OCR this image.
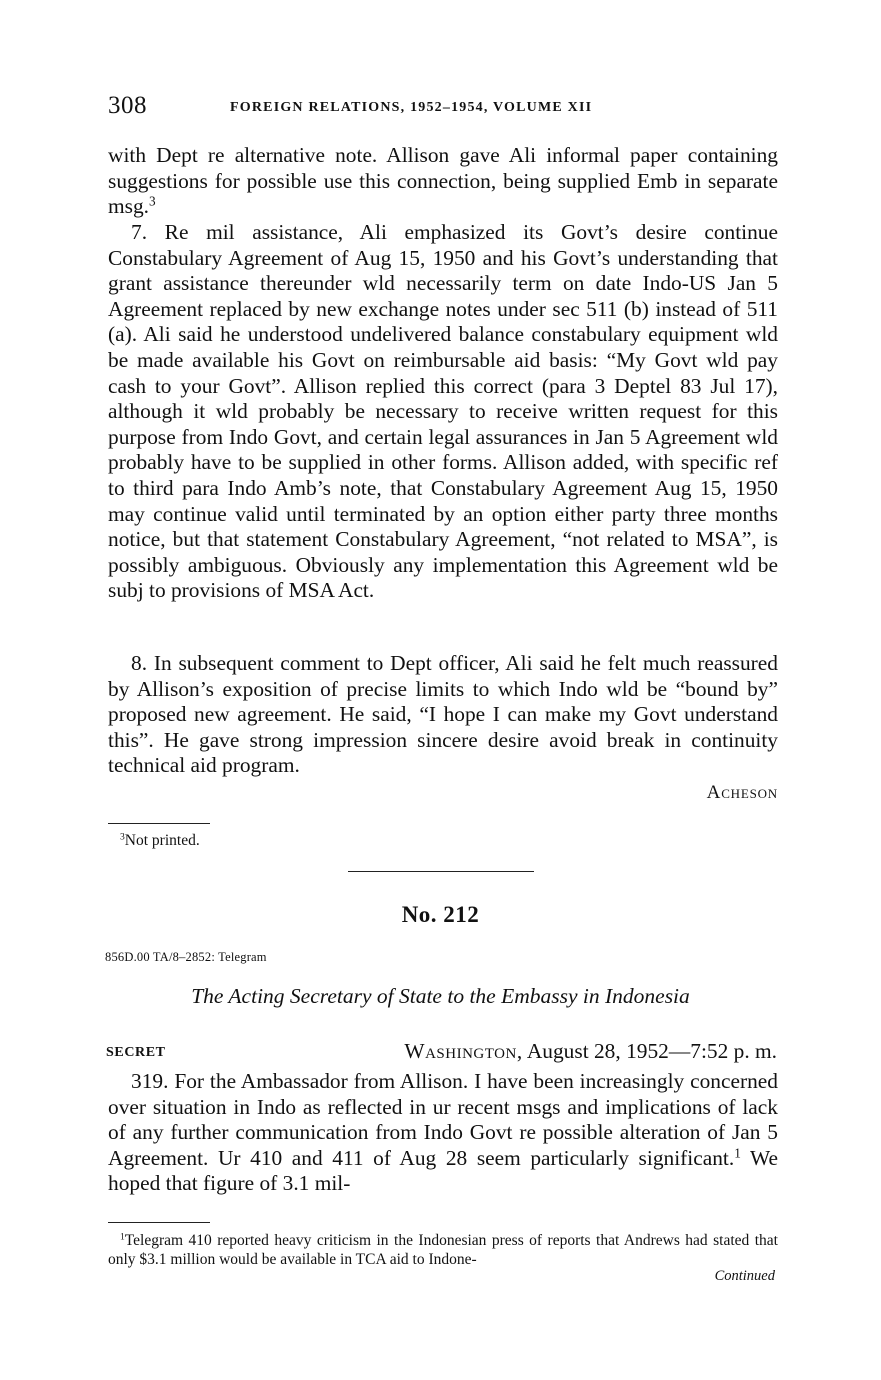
308	FOREIGN RELATIONS, 1952–1954, VOLUME XII

with Dept re alternative note. Allison gave Ali informal paper containing suggestions for possible use this connection, being supplied Emb in separate msg.$^3$

7. Re mil assistance, Ali emphasized its Govt’s desire continue Constabulary Agreement of Aug 15, 1950 and his Govt’s understanding that grant assistance thereunder wld necessarily term on date Indo-US Jan 5 Agreement replaced by new exchange notes under sec 511 (b) instead of 511 (a). Ali said he understood undelivered balance constabulary equipment wld be made available his Govt on reimbursable aid basis: “My Govt wld pay cash to your Govt”. Allison replied this correct (para 3 Deptel 83 Jul 17), although it wld probably be necessary to receive written request for this purpose from Indo Govt, and certain legal assurances in Jan 5 Agreement wld probably have to be supplied in other forms. Allison added, with specific ref to third para Indo Amb’s note, that Constabulary Agreement Aug 15, 1950 may continue valid until terminated by an option either party three months notice, but that statement Constabulary Agreement, “not related to MSA”, is possibly ambiguous. Obviously any implementation this Agreement wld be subj to provisions of MSA Act.

8. In subsequent comment to Dept officer, Ali said he felt much reassured by Allison’s exposition of precise limits to which Indo wld be “bound by” proposed new agreement. He said, “I hope I can make my Govt understand this”. He gave strong impression sincere desire avoid break in continuity technical aid program.

Acheson

$^3$Not printed.

No. 212
856D.00 TA/8–2852: Telegram
The Acting Secretary of State to the Embassy in Indonesia
SECRET	Washington, August 28, 1952—7:52 p. m.

319. For the Ambassador from Allison. I have been increasingly concerned over situation in Indo as reflected in ur recent msgs and implications of lack of any further communication from Indo Govt re possible alteration of Jan 5 Agreement. Ur 410 and 411 of Aug 28 seem particularly significant.$^1$ We hoped that figure of 3.1 mil-

$^1$Telegram 410 reported heavy criticism in the Indonesian press of reports that Andrews had stated that only $3.1 million would be available in TCA aid to Indone-

Continued
